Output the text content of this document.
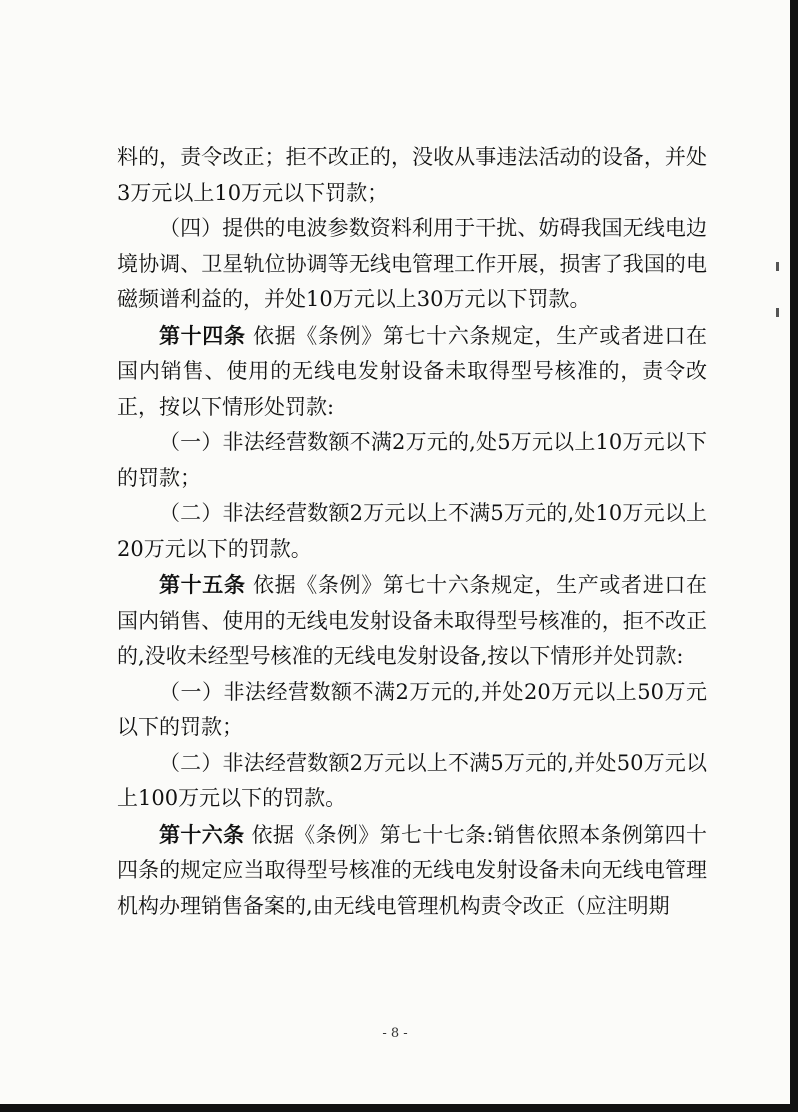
料的，责令改正；拒不改正的，没收从事违法活动的设备，并处3万元以上10万元以下罚款；

（四）提供的电波参数资料利用于干扰、妨碍我国无线电边境协调、卫星轨位协调等无线电管理工作开展，损害了我国的电磁频谱利益的，并处10万元以上30万元以下罚款。

第十四条 依据《条例》第七十六条规定，生产或者进口在国内销售、使用的无线电发射设备未取得型号核准的，责令改正，按以下情形处罚款:

（一）非法经营数额不满2万元的,处5万元以上10万元以下的罚款；

（二）非法经营数额2万元以上不满5万元的,处10万元以上20万元以下的罚款。

第十五条 依据《条例》第七十六条规定，生产或者进口在国内销售、使用的无线电发射设备未取得型号核准的，拒不改正的,没收未经型号核准的无线电发射设备,按以下情形并处罚款:

（一）非法经营数额不满2万元的,并处20万元以上50万元以下的罚款；

（二）非法经营数额2万元以上不满5万元的,并处50万元以上100万元以下的罚款。

第十六条 依据《条例》第七十七条:销售依照本条例第四十四条的规定应当取得型号核准的无线电发射设备未向无线电管理机构办理销售备案的,由无线电管理机构责令改正（应注明期

- 8 -
